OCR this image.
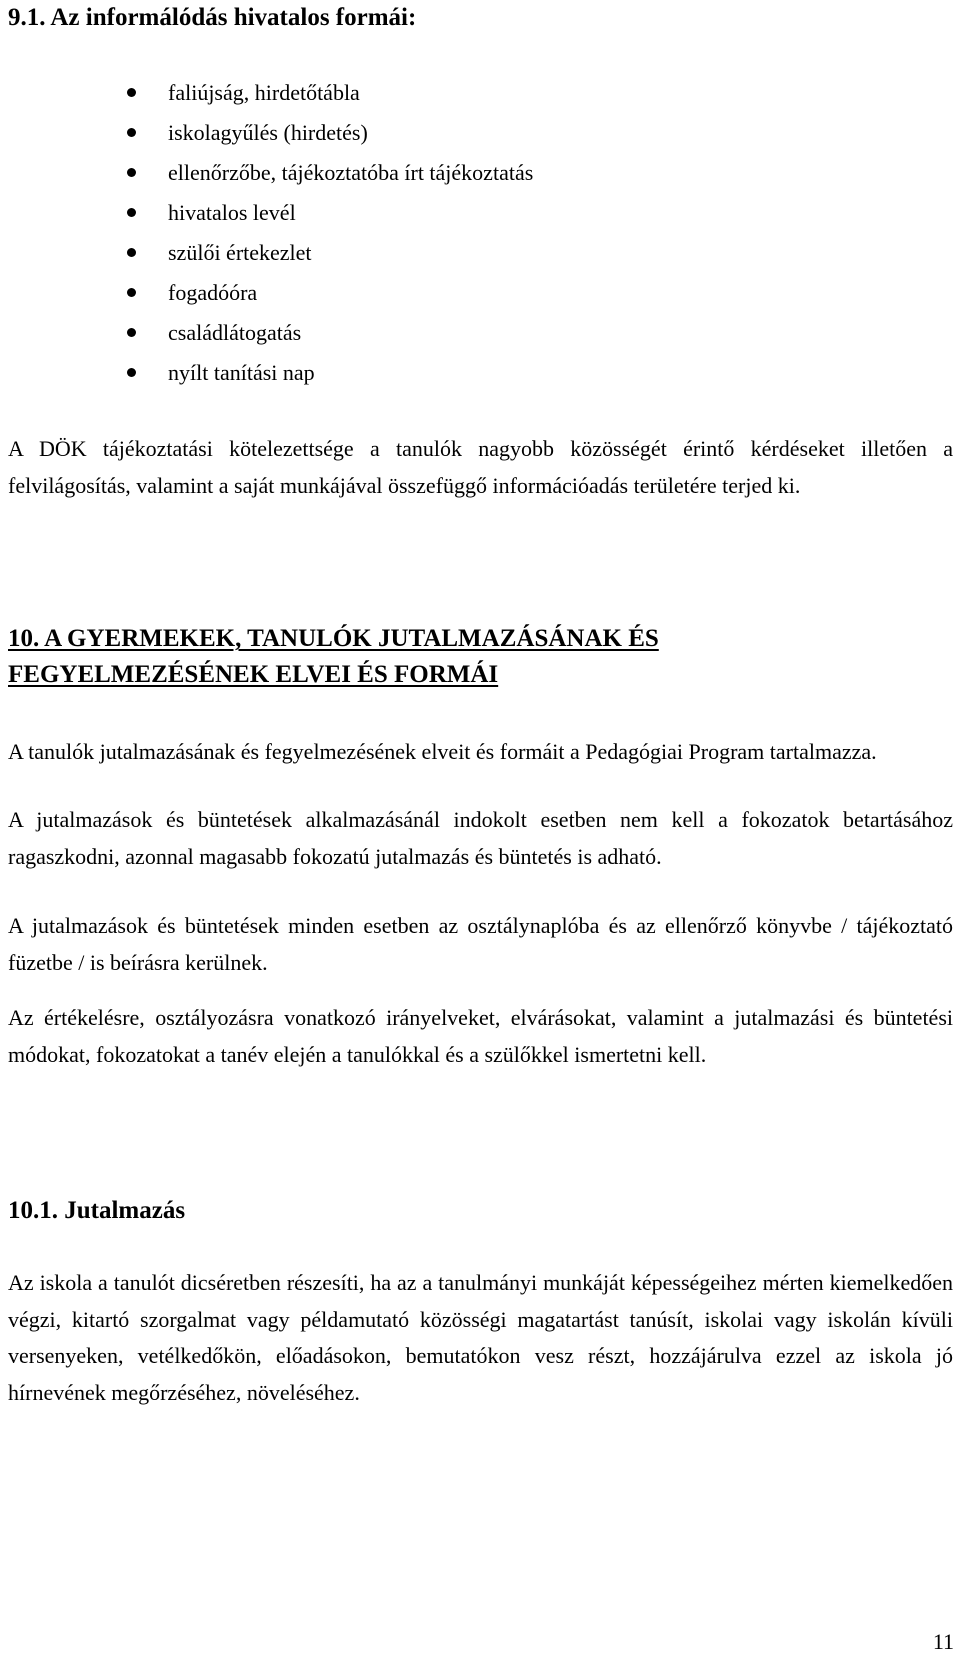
9.1. Az informálódás hivatalos formái:
faliújság, hirdetőtábla
iskolagyűlés (hirdetés)
ellenőrzőbe, tájékoztatóba írt tájékoztatás
hivatalos levél
szülői értekezlet
fogadóóra
családlátogatás
nyílt tanítási nap

A DÖK tájékoztatási kötelezettsége a tanulók nagyobb közösségét érintő kérdéseket illetően a felvilágosítás, valamint a saját munkájával összefüggő információadás területére terjed ki.

10. A GYERMEKEK, TANULÓK JUTALMAZÁSÁNAK ÉS FEGYELMEZÉSÉNEK ELVEI ÉS FORMÁI

A tanulók jutalmazásának és fegyelmezésének elveit és formáit a Pedagógiai Program tartalmazza.

A jutalmazások és büntetések alkalmazásánál indokolt esetben nem kell a fokozatok betartásához ragaszkodni, azonnal magasabb fokozatú jutalmazás és büntetés is adható.

A jutalmazások és büntetések minden esetben az osztálynaplóba és az ellenőrző könyvbe / tájékoztató füzetbe / is beírásra kerülnek.

Az értékelésre, osztályozásra vonatkozó irányelveket, elvárásokat, valamint a jutalmazási és büntetési módokat, fokozatokat a tanév elején a tanulókkal és a szülőkkel ismertetni kell.

10.1. Jutalmazás

Az iskola a tanulót dicséretben részesíti, ha az a tanulmányi munkáját képességeihez mérten kiemelkedően végzi, kitartó szorgalmat vagy példamutató közösségi magatartást tanúsít, iskolai vagy iskolán kívüli versenyeken, vetélkedőkön, előadásokon, bemutatókon vesz részt, hozzájárulva ezzel az iskola jó hírnevének megőrzéséhez, növeléséhez.

11
